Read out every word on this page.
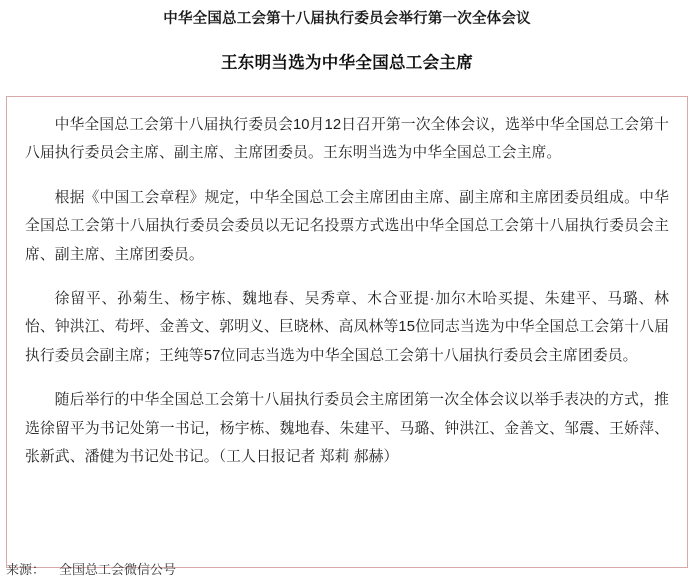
中华全国总工会第十八届执行委员会举行第一次全体会议
王东明当选为中华全国总工会主席

中华全国总工会第十八届执行委员会10月12日召开第一次全体会议，选举中华全国总工会第十八届执行委员会主席、副主席、主席团委员。王东明当选为中华全国总工会主席。

根据《中国工会章程》规定，中华全国总工会主席团由主席、副主席和主席团委员组成。中华全国总工会第十八届执行委员会委员以无记名投票方式选出中华全国总工会第十八届执行委员会主席、副主席、主席团委员。

徐留平、孙菊生、杨宇栋、魏地春、吴秀章、木合亚提·加尔木哈买提、朱建平、马璐、林怡、钟洪江、苟坪、金善文、郭明义、巨晓林、高凤林等15位同志当选为中华全国总工会第十八届执行委员会副主席；王纯等57位同志当选为中华全国总工会第十八届执行委员会主席团委员。

随后举行的中华全国总工会第十八届执行委员会主席团第一次全体会议以举手表决的方式，推选徐留平为书记处第一书记，杨宇栋、魏地春、朱建平、马璐、钟洪江、金善文、邹震、王娇萍、张新武、潘健为书记处书记。（工人日报记者 郑莉 郝赫）

来源： 全国总工会微信公号
